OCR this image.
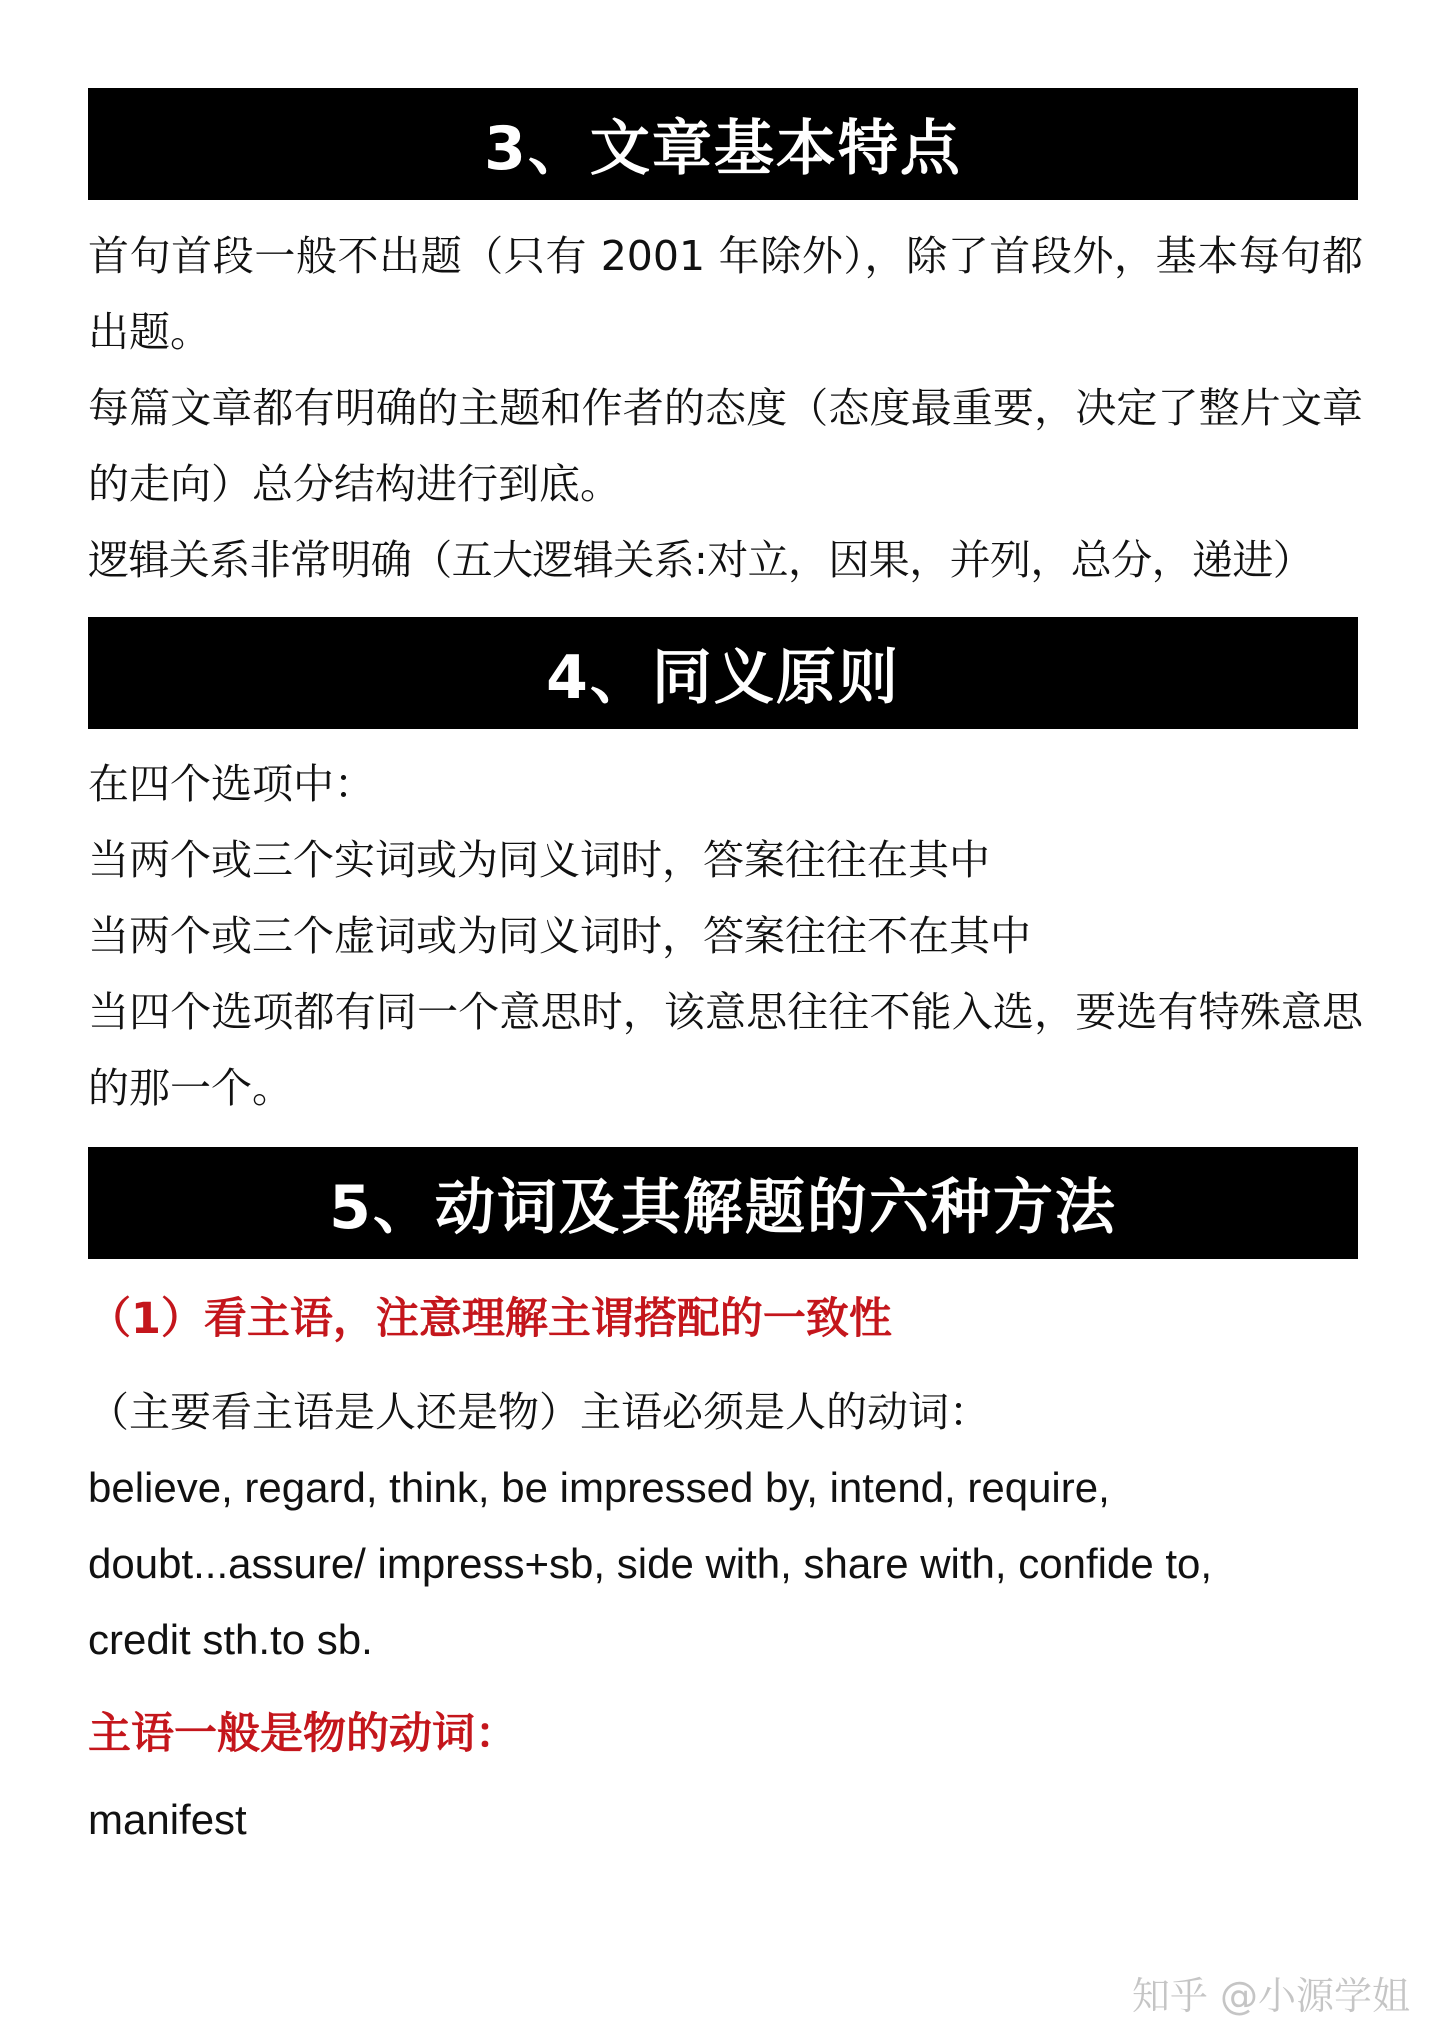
3、文章基本特点

首句首段一般不出题（只有 2001 年除外），除了首段外，基本每句都出题。

每篇文章都有明确的主题和作者的态度（态度最重要，决定了整片文章的走向）总分结构进行到底。

逻辑关系非常明确（五大逻辑关系:对立，因果，并列，总分，递进）

4、同义原则

在四个选项中：

当两个或三个实词或为同义词时，答案往往在其中

当两个或三个虚词或为同义词时，答案往往不在其中

当四个选项都有同一个意思时，该意思往往不能入选，要选有特殊意思的那一个。

5、动词及其解题的六种方法
（1）看主语，注意理解主谓搭配的一致性

（主要看主语是人还是物）主语必须是人的动词：

believe, regard, think, be impressed by, intend, require, doubt...assure/ impress+sb, side with, share with, confide to, credit sth.to sb.

主语一般是物的动词：
manifest
知乎 @小源学姐
